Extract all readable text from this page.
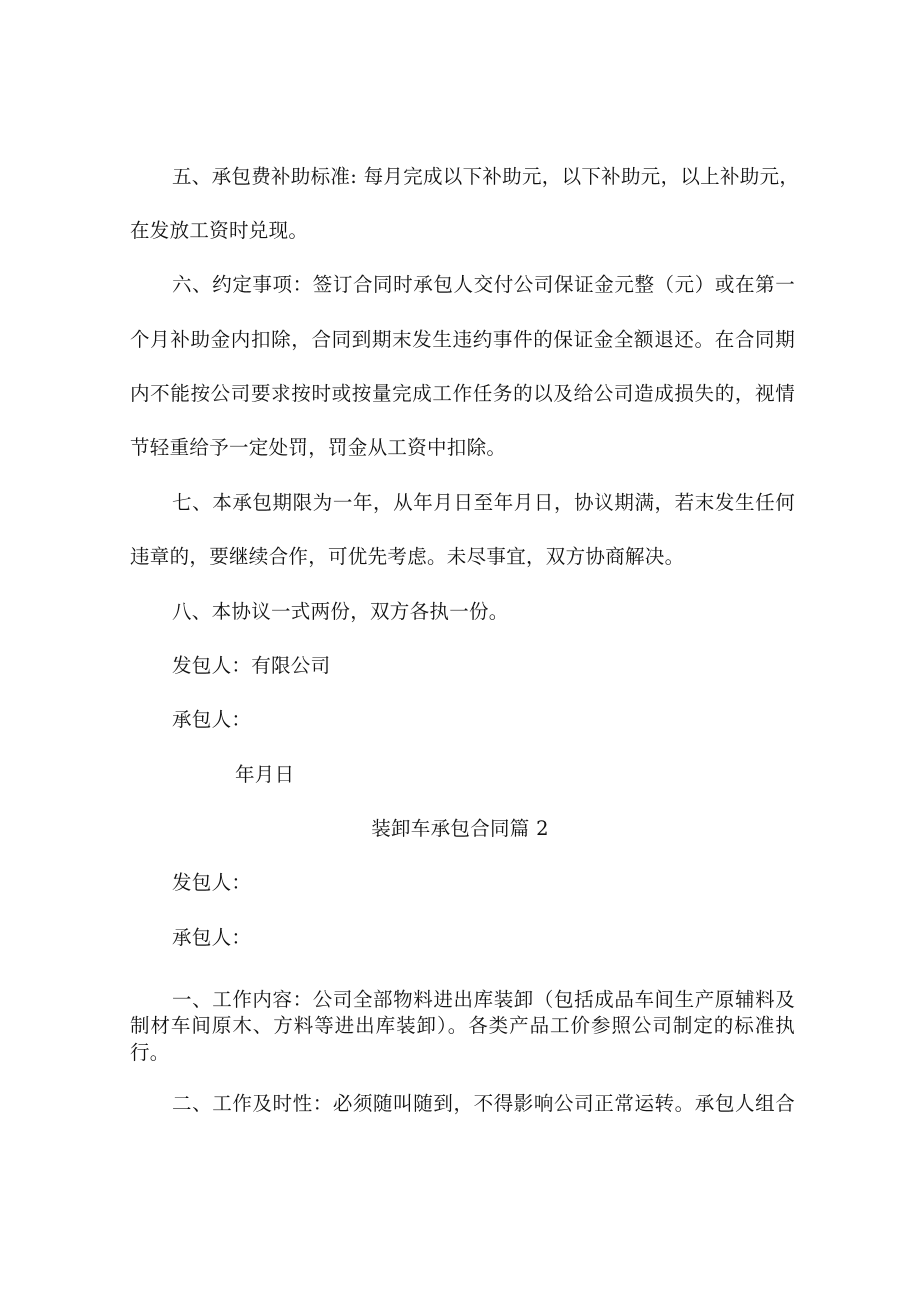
五、承包费补助标准: 每月完成以下补助元，以下补助元，以上补助元，
在发放工资时兑现。
六、约定事项：签订合同时承包人交付公司保证金元整（元）或在第一
个月补助金内扣除，合同到期末发生违约事件的保证金全额退还。在合同期
内不能按公司要求按时或按量完成工作任务的以及给公司造成损失的，视情
节轻重给予一定处罚，罚金从工资中扣除。
七、本承包期限为一年，从年月日至年月日，协议期满，若末发生任何
违章的，要继续合作，可优先考虑。未尽事宜，双方协商解决。
八、本协议一式两份，双方各执一份。
发包人：有限公司
承包人：
年月日
装卸车承包合同篇 2
发包人：
承包人：
一、工作内容：公司全部物料进出库装卸（包括成品车间生产原辅料及
制材车间原木、方料等进出库装卸）。各类产品工价参照公司制定的标准执
行。
二、工作及时性：必须随叫随到，不得影响公司正常运转。承包人组合
